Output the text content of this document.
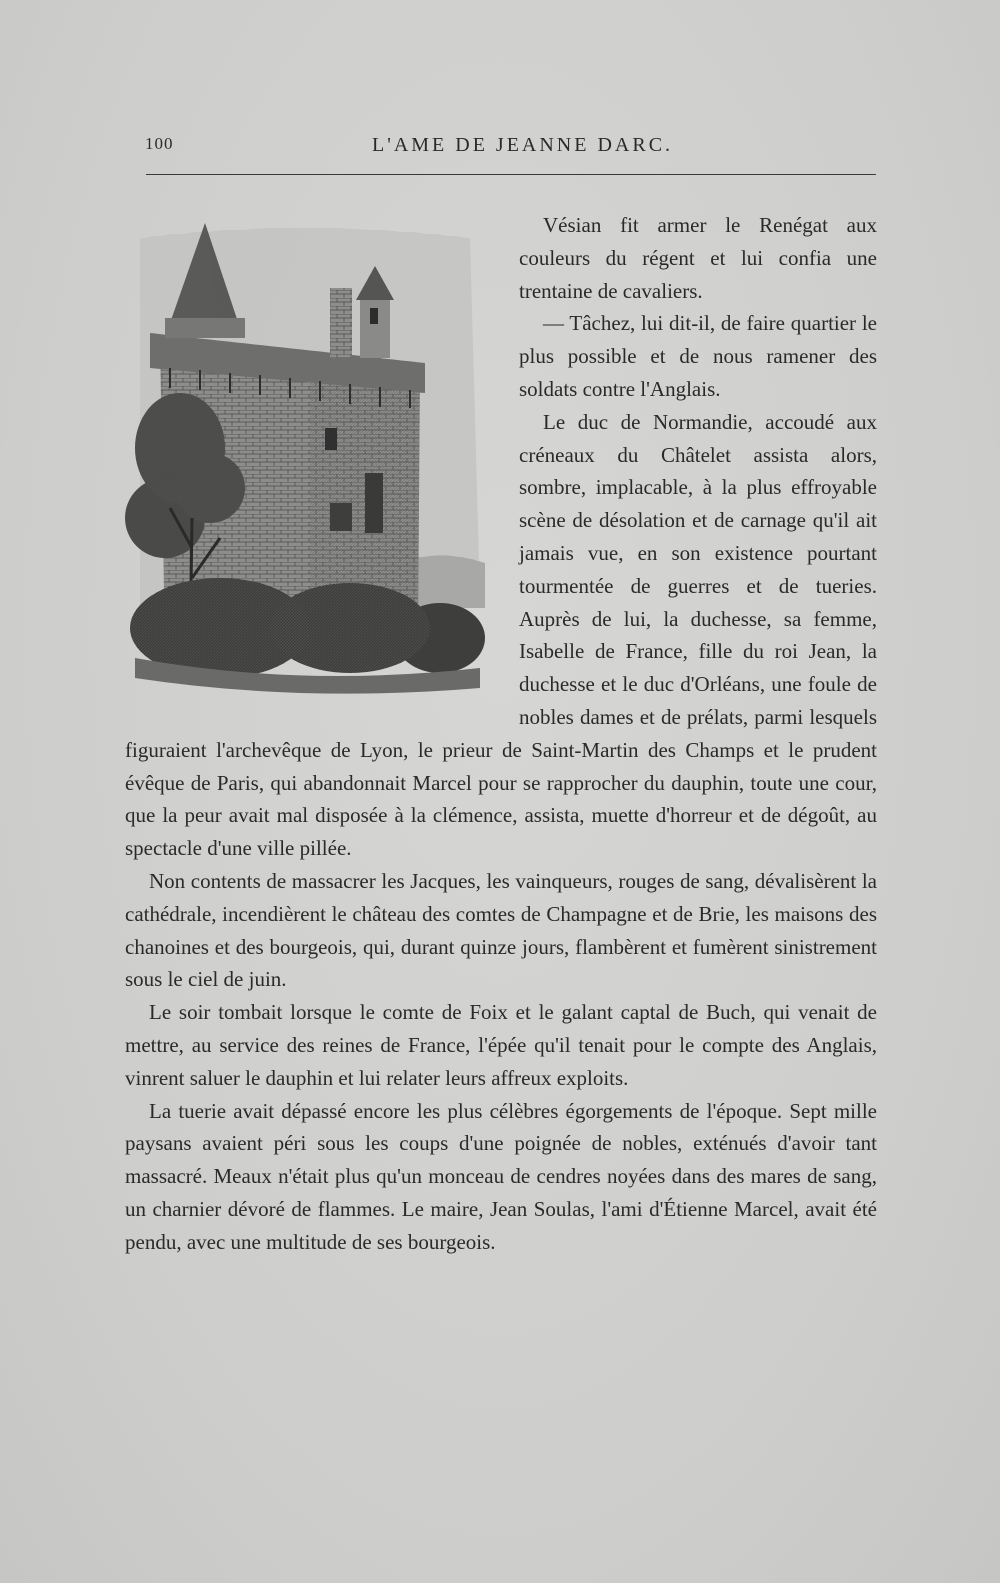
100	L'AME DE JEANNE DARC.

Vésian fit armer le Renégat aux couleurs du régent et lui confia une trentaine de cavaliers.

— Tâchez, lui dit-il, de faire quartier le plus possible et de nous ramener des soldats contre l'Anglais.

Le duc de Normandie, accoudé aux créneaux du Châtelet assista alors, sombre, implacable, à la plus effroyable scène de désolation et de carnage qu'il ait jamais vue, en son existence pourtant tourmentée de guerres et de tueries. Auprès de lui, la duchesse, sa femme, Isabelle de France, fille du roi Jean, la duchesse et le duc d'Orléans, une foule de nobles dames et de prélats, parmi lesquels figuraient l'archevêque de Lyon, le prieur de Saint-Martin des Champs et le prudent évêque de Paris, qui abandonnait Marcel pour se rapprocher du dauphin, toute une cour, que la peur avait mal disposée à la clémence, assista, muette d'horreur et de dégoût, au spectacle d'une ville pillée.

Non contents de massacrer les Jacques, les vainqueurs, rouges de sang, dévalisèrent la cathédrale, incendièrent le château des comtes de Champagne et de Brie, les maisons des chanoines et des bourgeois, qui, durant quinze jours, flambèrent et fumèrent sinistrement sous le ciel de juin.

Le soir tombait lorsque le comte de Foix et le galant captal de Buch, qui venait de mettre, au service des reines de France, l'épée qu'il tenait pour le compte des Anglais, vinrent saluer le dauphin et lui relater leurs affreux exploits.

La tuerie avait dépassé encore les plus célèbres égorgements de l'époque. Sept mille paysans avaient péri sous les coups d'une poignée de nobles, exténués d'avoir tant massacré. Meaux n'était plus qu'un monceau de cendres noyées dans des mares de sang, un charnier dévoré de flammes. Le maire, Jean Soulas, l'ami d'Étienne Marcel, avait été pendu, avec une multitude de ses bourgeois.
